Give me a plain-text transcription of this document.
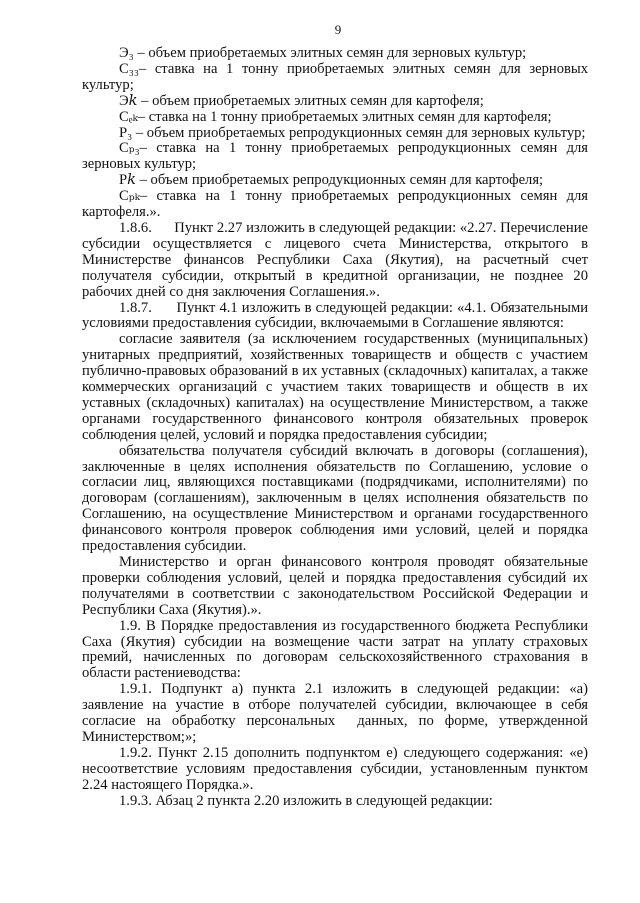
9

Э₃ – объем приобретаемых элитных семян для зерновых культур;

С₃₃– ставка на 1 тонну приобретаемых элитных семян для зерновых культур;

Э𝑘 – объем приобретаемых элитных семян для картофеля;

Сₑₖ– ставка на 1 тонну приобретаемых элитных семян для картофеля;

Р₃ – объем приобретаемых репродукционных семян для зерновых культур;

Сₚ₃– ставка на 1 тонну приобретаемых репродукционных семян для зерновых культур;

Р𝑘 – объем приобретаемых репродукционных семян для картофеля;

Сₚₖ– ставка на 1 тонну приобретаемых репродукционных семян для картофеля.».

1.8.6.      Пункт 2.27 изложить в следующей редакции: «2.27. Перечисление субсидии осуществляется с лицевого счета Министерства, открытого в Министерстве финансов Республики Саха (Якутия), на расчетный счет получателя субсидии, открытый в кредитной организации, не позднее 20 рабочих дней со дня заключения Соглашения.».

1.8.7.      Пункт 4.1 изложить в следующей редакции: «4.1. Обязательными условиями предоставления субсидии, включаемыми в Соглашение являются:

согласие заявителя (за исключением государственных (муниципальных) унитарных предприятий, хозяйственных товариществ и обществ с участием публично-правовых образований в их уставных (складочных) капиталах, а также коммерческих организаций с участием таких товариществ и обществ в их уставных (складочных) капиталах) на осуществление Министерством, а также органами государственного финансового контроля обязательных проверок соблюдения целей, условий и порядка предоставления субсидии;

обязательства получателя субсидий включать в договоры (соглашения), заключенные в целях исполнения обязательств по Соглашению, условие о согласии лиц, являющихся поставщиками (подрядчиками, исполнителями) по договорам (соглашениям), заключенным в целях исполнения обязательств по Соглашению, на осуществление Министерством и органами государственного финансового контроля проверок соблюдения ими условий, целей и порядка предоставления субсидии.

Министерство и орган финансового контроля проводят обязательные проверки соблюдения условий, целей и порядка предоставления субсидий их получателями в соответствии с законодательством Российской Федерации и Республики Саха (Якутия).».

1.9. В Порядке предоставления из государственного бюджета Республики Саха (Якутия) субсидии на возмещение части затрат на уплату страховых премий, начисленных по договорам сельскохозяйственного страхования в области растениеводства:

1.9.1. Подпункт а) пункта 2.1 изложить в следующей редакции: «а) заявление на участие в отборе получателей субсидии, включающее в себя согласие на обработку персональных  данных, по форме, утвержденной Министерством;»;

1.9.2. Пункт 2.15 дополнить подпунктом е) следующего содержания: «е) несоответствие условиям предоставления субсидии, установленным пунктом 2.24 настоящего Порядка.».

1.9.3. Абзац 2 пункта 2.20 изложить в следующей редакции:
